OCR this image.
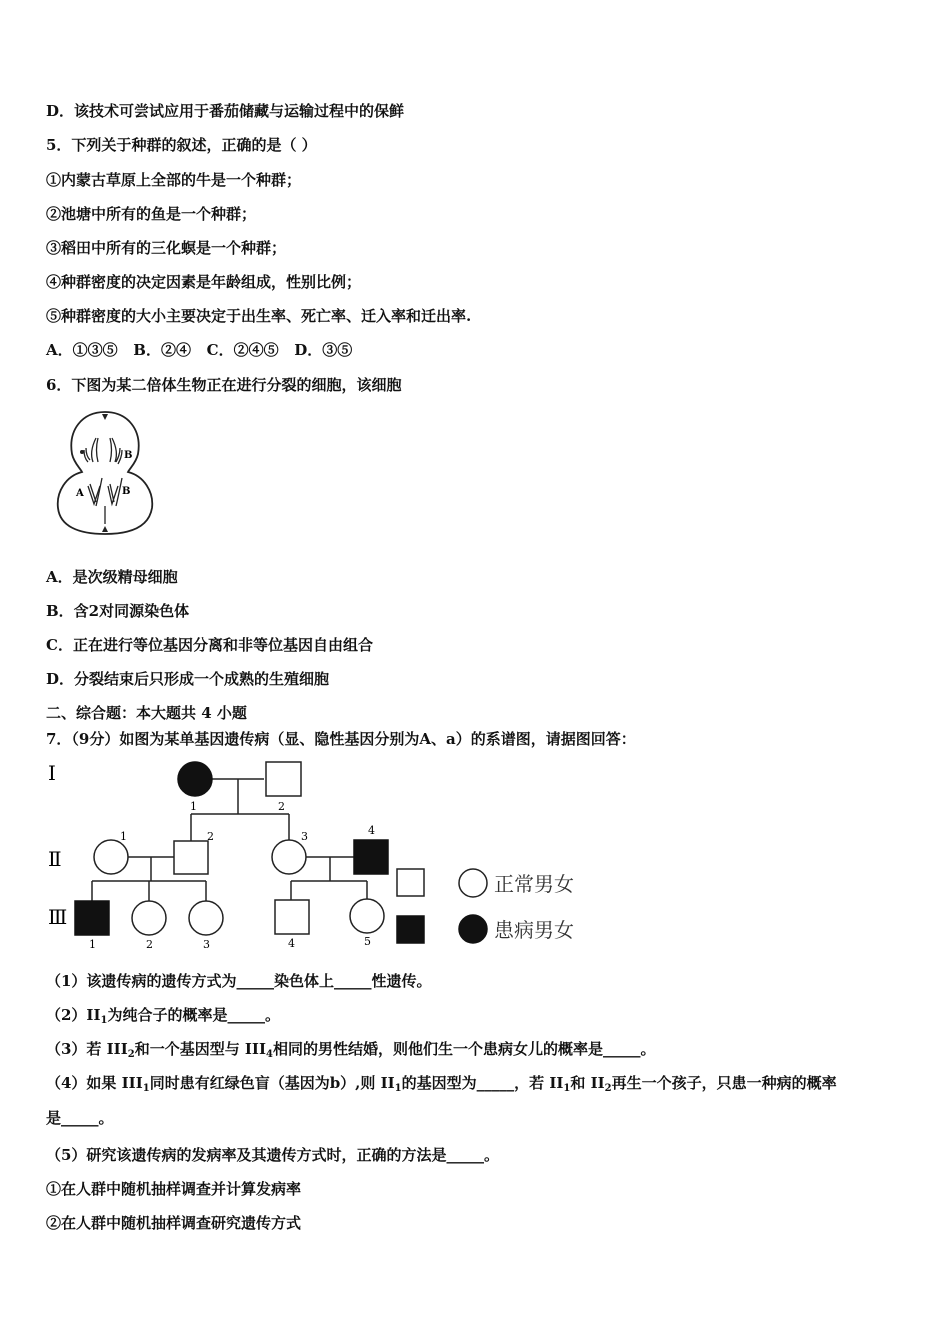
D．该技术可尝试应用于番茄储藏与运输过程中的保鲜
5．下列关于种群的叙述，正确的是（ ）
①内蒙古草原上全部的牛是一个种群；
②池塘中所有的鱼是一个种群；
③稻田中所有的三化螟是一个种群；
④种群密度的决定因素是年龄组成，性别比例；
⑤种群密度的大小主要决定于出生率、死亡率、迁入率和迁出率.
A．①③⑤   B．②④   C．②④⑤   D．③⑤
6．下图为某二倍体生物正在进行分裂的细胞，该细胞
B
A	B
A．是次级精母细胞
B．含2对同源染色体
C．正在进行等位基因分离和非等位基因自由组合
D．分裂结束后只形成一个成熟的生殖细胞
二、综合题：本大题共 4 小题
7．（9分）如图为某单基因遗传病（显、隐性基因分别为A、a）的系谱图，请据图回答：
Ⅰ
Ⅱ
Ⅲ
1	2
1	2	3	4
1	2	3	4	5
正常男女
患病男女
（1）该遗传病的遗传方式为_____染色体上_____性遗传。
$(2)II_1$为纯合子的概率是_____。
（3）若 $III_2$和一个基因型与 $III_4$相同的男性结婚，则他们生一个患病女儿的概率是_____。
（4）如果 $III_1$同时患有红绿色盲（基因为b）,则 $II_1$的基因型为_____，若 $II_1$和 $II_2$再生一个孩子，只患一种病的概率
是_____。
（5）研究该遗传病的发病率及其遗传方式时，正确的方法是_____。
①在人群中随机抽样调查并计算发病率
②在人群中随机抽样调查研究遗传方式
